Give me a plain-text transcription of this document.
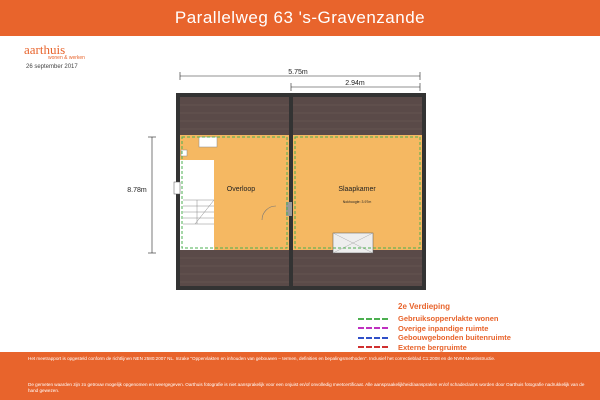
Parallelweg 63 's-Gravenzande
aarthuis
wonen & werken
26 september 2017
5.75m
2.94m
8.78m	Overloop	Slaapkamer
Nokhoogte: 3.97m
2e Verdieping
Gebruiksoppervlakte wonen
Overige inpandige ruimte
Gebouwgebonden buitenruimte
Externe bergruimte
Het meetrapport is opgesteld conform de richtlijnen NEN 2580:2007 NL. Inzake "Oppervlakten en inhouden van gebouwen – termen, definities en bepalingsmethoden". Inclusief het correctieblad C1:2008 en de NVM Meetinstructie.
De gemeten waarden zijn zo getrouw mogelijk opgenomen en weergegeven. Oarthuis fotografie is niet aansprakelijk voor een onjuist en/of onvolledig meetcertificaat. Alle aanspraakelijkheid/aanspraken en/of schadeclaims worden door Oarthuis fotografie nadrukkelijk van de hand gewezen.
